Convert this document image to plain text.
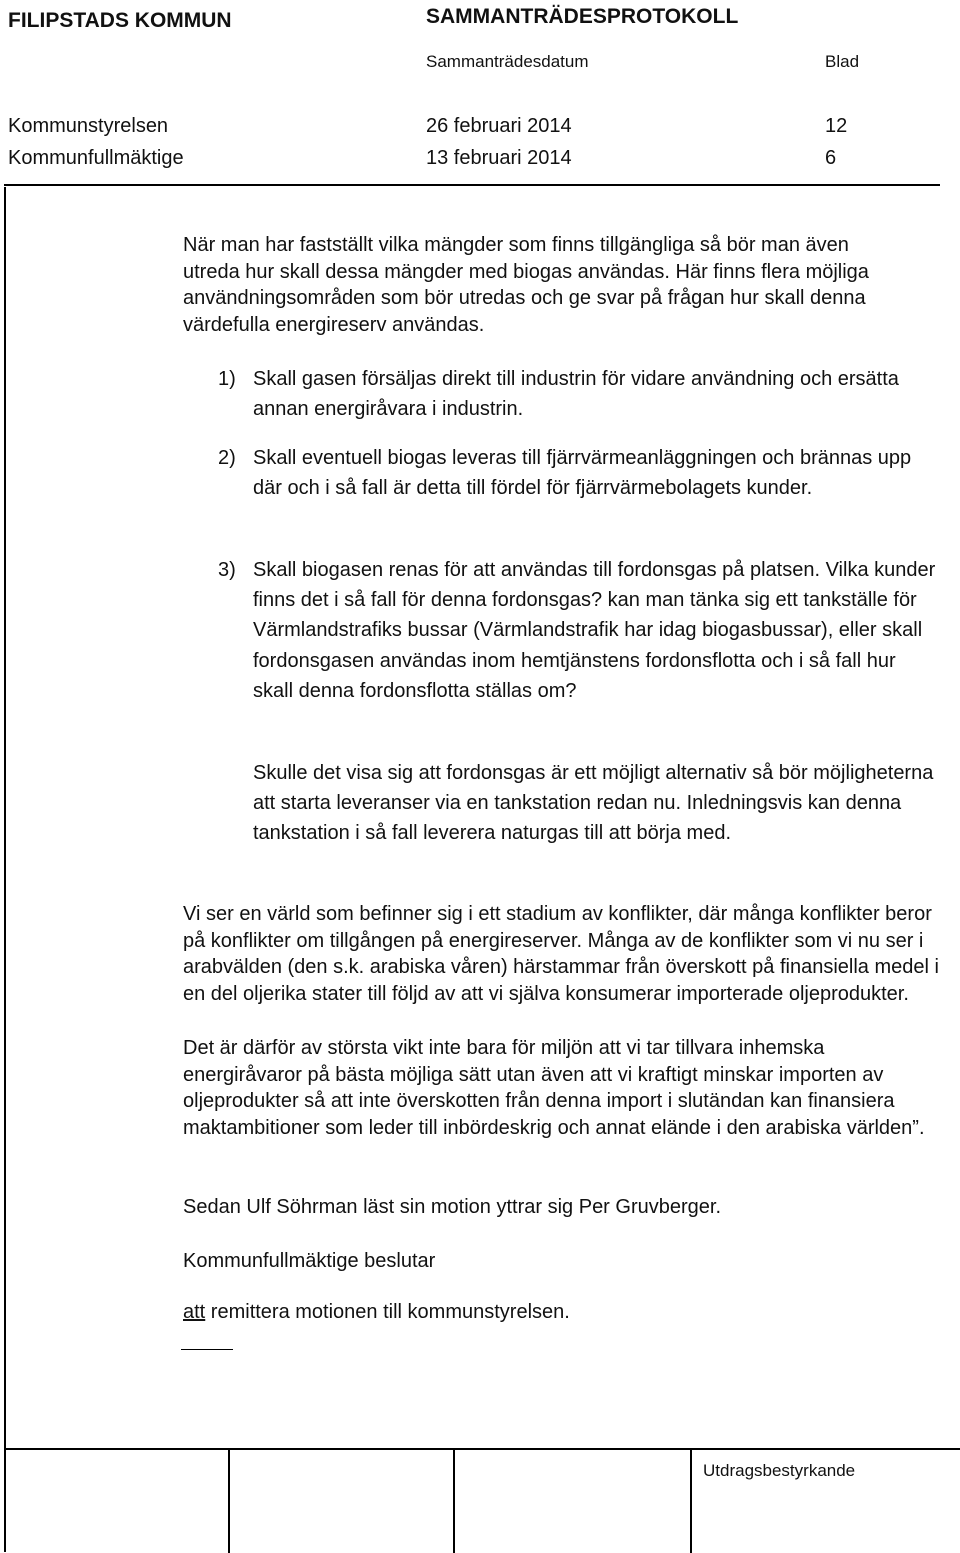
FILIPSTADS KOMMUN	SAMMANTRÄDESPROTOKOLL
Sammanträdesdatum	Blad
Kommunstyrelsen	26 februari 2014	12
Kommunfullmäktige	13 februari 2014	6

När man har fastställt vilka mängder som finns tillgängliga så bör man även utreda hur skall dessa mängder med biogas användas. Här finns flera möjliga användningsområden som bör utredas och ge svar på frågan hur skall denna värdefulla energireserv användas.

1) Skall gasen försäljas direkt till industrin för vidare användning och ersätta annan energiråvara i industrin.
2) Skall eventuell biogas leveras till fjärrvärmeanläggningen och brännas upp där och i så fall är detta till fördel för fjärrvärmebolagets kunder.
3) Skall biogasen renas för att användas till fordonsgas på platsen. Vilka kunder finns det i så fall för denna fordonsgas? kan man tänka sig ett tankställe för Värmlandstrafiks bussar (Värmlandstrafik har idag biogasbussar), eller skall fordonsgasen användas inom hemtjänstens fordonsflotta och i så fall hur skall denna fordonsflotta ställas om?
Skulle det visa sig att fordonsgas är ett möjligt alternativ så bör möjligheterna att starta leveranser via en tankstation redan nu. Inledningsvis kan denna tankstation i så fall leverera naturgas till att börja med.

Vi ser en värld som befinner sig i ett stadium av konflikter, där många konflikter beror på konflikter om tillgången på energireserver. Många av de konflikter som vi nu ser i arabvälden (den s.k. arabiska våren) härstammar från överskott på finansiella medel i en del oljerika stater till följd av att vi själva konsumerar importerade oljeprodukter.

Det är därför av största vikt inte bara för miljön att vi tar tillvara inhemska energiråvaror på bästa möjliga sätt utan även att vi kraftigt minskar importen av oljeprodukter så att inte överskotten från denna import i slutändan kan finansiera maktambitioner som leder till inbördeskrig och annat elände i den arabiska världen”.

Sedan Ulf Söhrman läst sin motion yttrar sig Per Gruvberger.

Kommunfullmäktige beslutar

att remittera motionen till kommunstyrelsen.
Utdragsbestyrkande
